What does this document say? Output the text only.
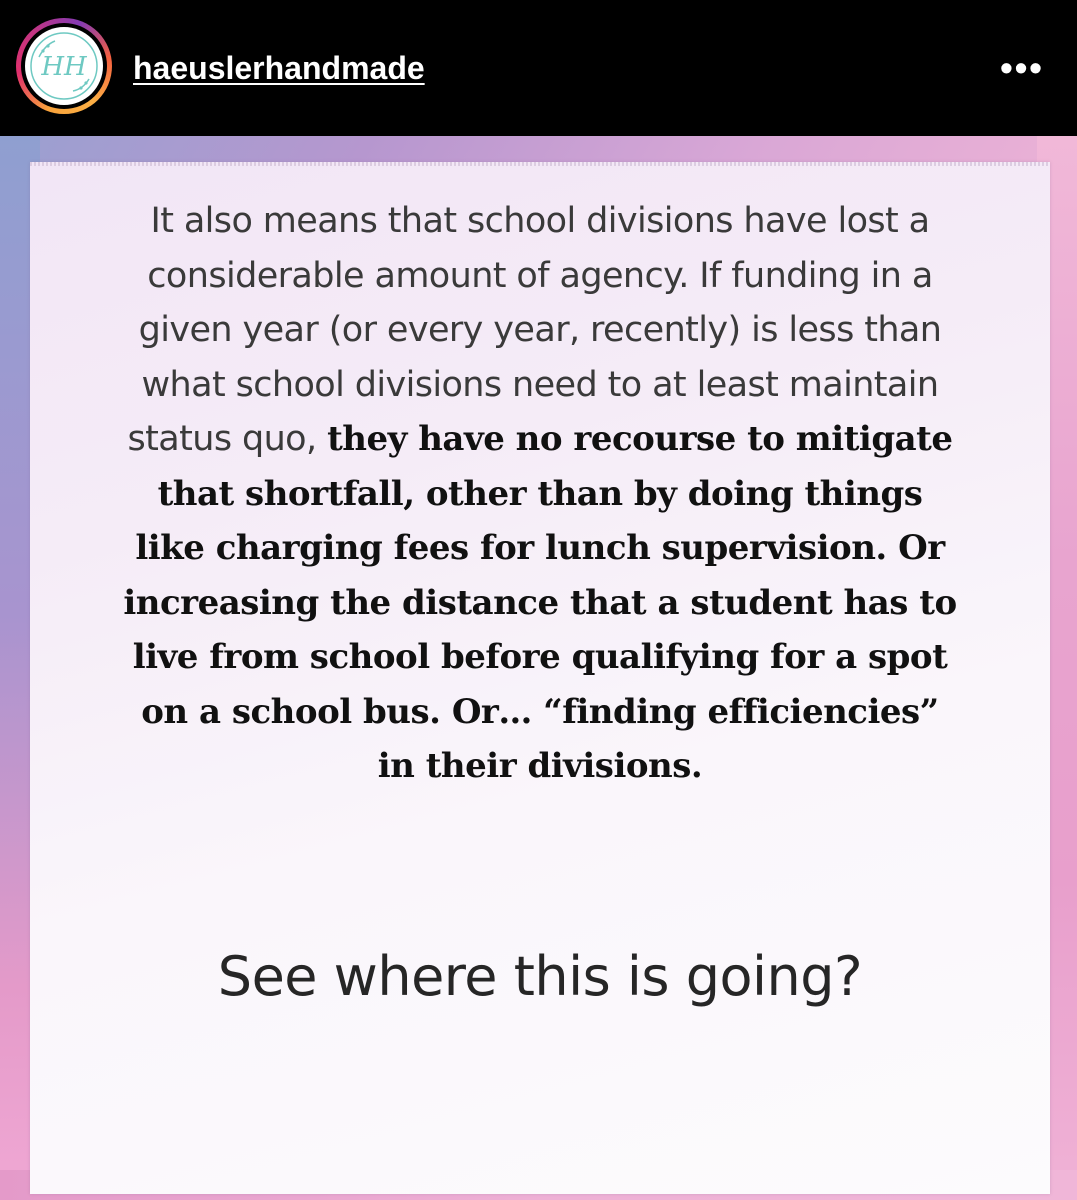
HH haeuslerhandmade	•••
It also means that school divisions have lost a
considerable amount of agency. If funding in a
given year (or every year, recently) is less than
what school divisions need to at least maintain
status quo, they have no recourse to mitigate
that shortfall, other than by doing things
like charging fees for lunch supervision. Or
increasing the distance that a student has to
live from school before qualifying for a spot
on a school bus. Or… “finding efficiencies”
in their divisions.
See where this is going?
